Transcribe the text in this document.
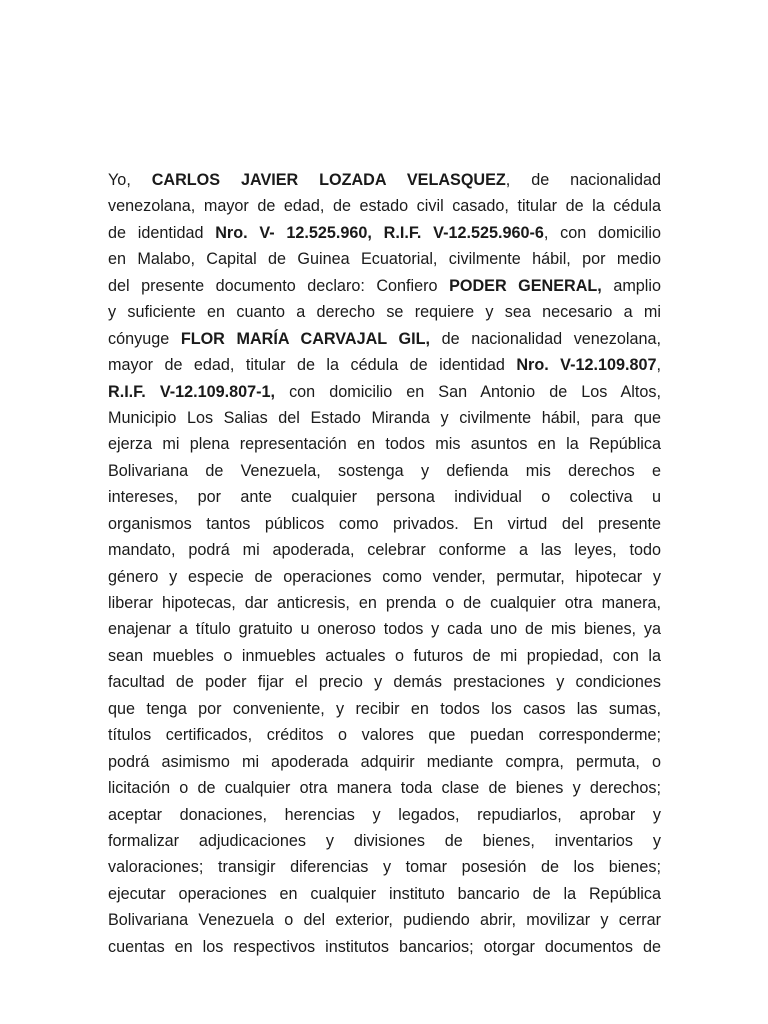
Yo, CARLOS JAVIER LOZADA VELASQUEZ, de nacionalidad
venezolana, mayor de edad, de estado civil casado, titular de la cédula
de identidad Nro. V- 12.525.960, R.I.F. V-12.525.960-6, con domicilio
en Malabo, Capital de Guinea Ecuatorial, civilmente hábil, por medio
del presente documento declaro: Confiero PODER GENERAL, amplio
y suficiente en cuanto a derecho se requiere y sea necesario a mi
cónyuge FLOR MARÍA CARVAJAL GIL, de nacionalidad venezolana,
mayor de edad, titular de la cédula de identidad Nro. V-12.109.807,
R.I.F. V-12.109.807-1, con domicilio en San Antonio de Los Altos,
Municipio Los Salias del Estado Miranda y civilmente hábil, para que
ejerza mi plena representación en todos mis asuntos en la República
Bolivariana de Venezuela, sostenga y defienda mis derechos e
intereses, por ante cualquier persona individual o colectiva u
organismos tantos públicos como privados. En virtud del presente
mandato, podrá mi apoderada, celebrar conforme a las leyes, todo
género y especie de operaciones como vender, permutar, hipotecar y
liberar hipotecas, dar anticresis, en prenda o de cualquier otra manera,
enajenar a título gratuito u oneroso todos y cada uno de mis bienes, ya
sean muebles o inmuebles actuales o futuros de mi propiedad, con la
facultad de poder fijar el precio y demás prestaciones y condiciones
que tenga por conveniente, y recibir en todos los casos las sumas,
títulos certificados, créditos o valores que puedan corresponderme;
podrá asimismo mi apoderada adquirir mediante compra, permuta, o
licitación o de cualquier otra manera toda clase de bienes y derechos;
aceptar donaciones, herencias y legados, repudiarlos, aprobar y
formalizar adjudicaciones y divisiones de bienes, inventarios y
valoraciones; transigir diferencias y tomar posesión de los bienes;
ejecutar operaciones en cualquier instituto bancario de la República
Bolivariana Venezuela o del exterior, pudiendo abrir, movilizar y cerrar
cuentas en los respectivos institutos bancarios; otorgar documentos de
